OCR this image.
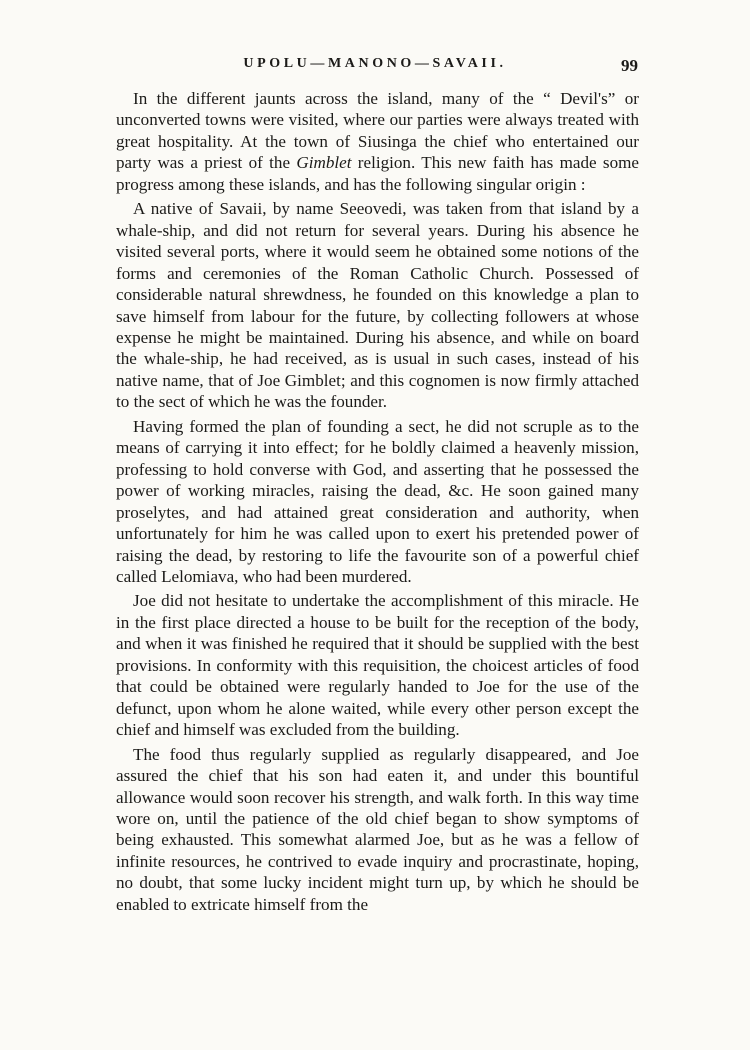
UPOLU—MANONO—SAVAII.	99

In the different jaunts across the island, many of the “ Devil's” or unconverted towns were visited, where our parties were always treated with great hospitality. At the town of Siusinga the chief who entertained our party was a priest of the Gimblet religion. This new faith has made some progress among these islands, and has the following singular origin :

A native of Savaii, by name Seeovedi, was taken from that island by a whale-ship, and did not return for several years. During his absence he visited several ports, where it would seem he obtained some notions of the forms and ceremonies of the Roman Catholic Church. Possessed of considerable natural shrewdness, he founded on this knowledge a plan to save himself from labour for the future, by collecting followers at whose expense he might be maintained. During his absence, and while on board the whale-ship, he had received, as is usual in such cases, instead of his native name, that of Joe Gimblet; and this cognomen is now firmly attached to the sect of which he was the founder.

Having formed the plan of founding a sect, he did not scruple as to the means of carrying it into effect; for he boldly claimed a heavenly mission, professing to hold converse with God, and asserting that he possessed the power of working miracles, raising the dead, &c. He soon gained many proselytes, and had attained great consideration and authority, when unfortunately for him he was called upon to exert his pretended power of raising the dead, by restoring to life the favourite son of a powerful chief called Lelomiava, who had been murdered.

Joe did not hesitate to undertake the accomplishment of this miracle. He in the first place directed a house to be built for the reception of the body, and when it was finished he required that it should be supplied with the best provisions. In conformity with this requisition, the choicest articles of food that could be obtained were regularly handed to Joe for the use of the defunct, upon whom he alone waited, while every other person except the chief and himself was excluded from the building.

The food thus regularly supplied as regularly disappeared, and Joe assured the chief that his son had eaten it, and under this bountiful allowance would soon recover his strength, and walk forth. In this way time wore on, until the patience of the old chief began to show symptoms of being exhausted. This somewhat alarmed Joe, but as he was a fellow of infinite resources, he contrived to evade inquiry and procrastinate, hoping, no doubt, that some lucky incident might turn up, by which he should be enabled to extricate himself from the
